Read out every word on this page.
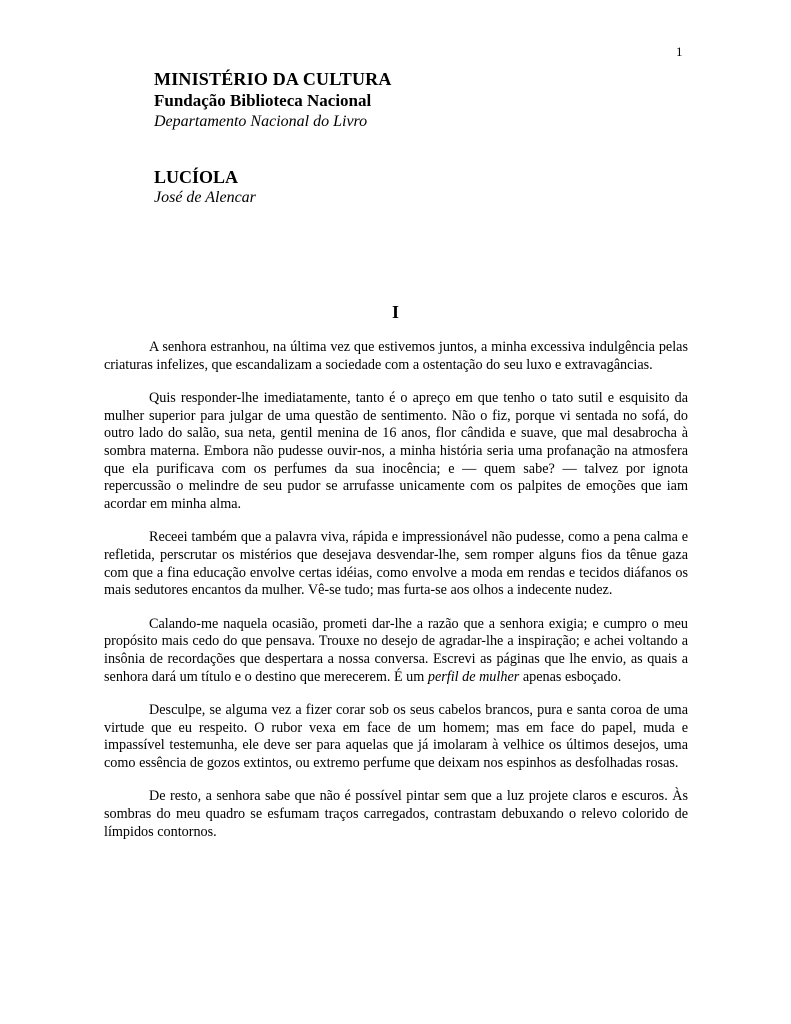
1
MINISTÉRIO DA CULTURA
Fundação Biblioteca Nacional
Departamento Nacional do Livro
LUCÍOLA
José de Alencar
I

A senhora estranhou, na última vez que estivemos juntos, a minha excessiva indulgência pelas criaturas infelizes, que escandalizam a sociedade com a ostentação do seu luxo e extravagâncias.

Quis responder-lhe imediatamente, tanto é o apreço em que tenho o tato sutil e esquisito da mulher superior para julgar de uma questão de sentimento. Não o fiz, porque vi sentada no sofá, do outro lado do salão, sua neta, gentil menina de 16 anos, flor cândida e suave, que mal desabrocha à sombra materna. Embora não pudesse ouvir-nos, a minha história seria uma profanação na atmosfera que ela purificava com os perfumes da sua inocência; e — quem sabe? — talvez por ignota repercussão o melindre de seu pudor se arrufasse unicamente com os palpites de emoções que iam acordar em minha alma.

Receei também que a palavra viva, rápida e impressionável não pudesse, como a pena calma e refletida, perscrutar os mistérios que desejava desvendar-lhe, sem romper alguns fios da tênue gaza com que a fina educação envolve certas idéias, como envolve a moda em rendas e tecidos diáfanos os mais sedutores encantos da mulher. Vê-se tudo; mas furta-se aos olhos a indecente nudez.

Calando-me naquela ocasião, prometi dar-lhe a razão que a senhora exigia; e cumpro o meu propósito mais cedo do que pensava. Trouxe no desejo de agradar-lhe a inspiração; e achei voltando a insônia de recordações que despertara a nossa conversa. Escrevi as páginas que lhe envio, as quais a senhora dará um título e o destino que merecerem. É um perfil de mulher apenas esboçado.

Desculpe, se alguma vez a fizer corar sob os seus cabelos brancos, pura e santa coroa de uma virtude que eu respeito. O rubor vexa em face de um homem; mas em face do papel, muda e impassível testemunha, ele deve ser para aquelas que já imolaram à velhice os últimos desejos, uma como essência de gozos extintos, ou extremo perfume que deixam nos espinhos as desfolhadas rosas.

De resto, a senhora sabe que não é possível pintar sem que a luz projete claros e escuros. Às sombras do meu quadro se esfumam traços carregados, contrastam debuxando o relevo colorido de límpidos contornos.
